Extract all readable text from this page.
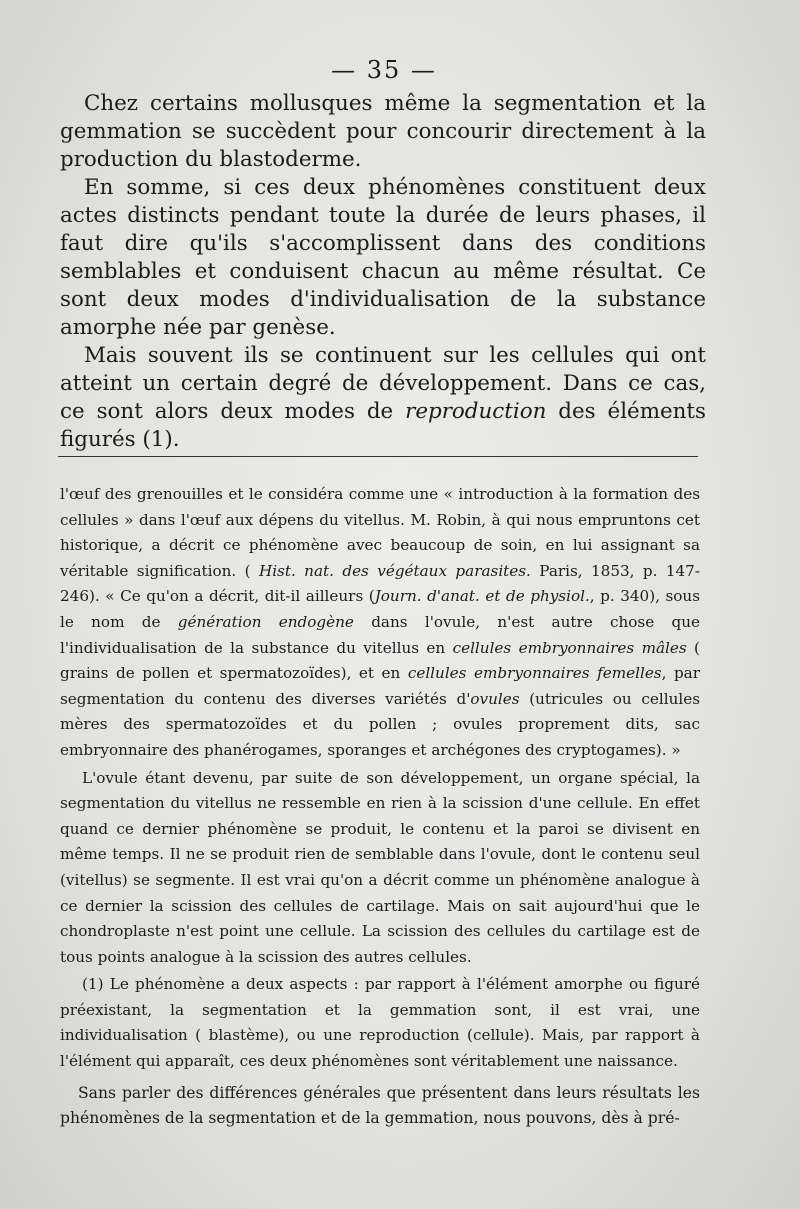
— 35 —

Chez certains mollusques même la segmentation et la gemmation se succèdent pour concourir directement à la production du blastoderme.

En somme, si ces deux phénomènes constituent deux actes distincts pendant toute la durée de leurs phases, il faut dire qu'ils s'accomplissent dans des conditions semblables et conduisent chacun au même résultat. Ce sont deux modes d'individualisation de la substance amorphe née par genèse.

Mais souvent ils se continuent sur les cellules qui ont atteint un certain degré de développement. Dans ce cas, ce sont alors deux modes de reproduction des éléments figurés (1).

l'œuf des grenouilles et le considéra comme une « introduction à la formation des cellules » dans l'œuf aux dépens du vitellus. M. Robin, à qui nous empruntons cet historique, a décrit ce phénomène avec beaucoup de soin, en lui assignant sa véritable signification. ( Hist. nat. des végétaux parasites. Paris, 1853, p. 147-246). « Ce qu'on a décrit, dit-il ailleurs (Journ. d'anat. et de physiol., p. 340), sous le nom de génération endogène dans l'ovule, n'est autre chose que l'individualisation de la substance du vitellus en cellules embryonnaires mâles ( grains de pollen et spermatozoïdes), et en cellules embryonnaires femelles, par segmentation du contenu des diverses variétés d'ovules (utricules ou cellules mères des spermatozoïdes et du pollen ; ovules proprement dits, sac embryonnaire des phanérogames, sporanges et archégones des cryptogames). »

L'ovule étant devenu, par suite de son développement, un organe spécial, la segmentation du vitellus ne ressemble en rien à la scission d'une cellule. En effet quand ce dernier phénomène se produit, le contenu et la paroi se divisent en même temps. Il ne se produit rien de semblable dans l'ovule, dont le contenu seul (vitellus) se segmente. Il est vrai qu'on a décrit comme un phénomène analogue à ce dernier la scission des cellules de cartilage. Mais on sait aujourd'hui que le chondroplaste n'est point une cellule. La scission des cellules du cartilage est de tous points analogue à la scission des autres cellules.

(1) Le phénomène a deux aspects : par rapport à l'élément amorphe ou figuré préexistant, la segmentation et la gemmation sont, il est vrai, une individualisation ( blastème), ou une reproduction (cellule). Mais, par rapport à l'élément qui apparaît, ces deux phénomènes sont véritablement une naissance.

Sans parler des différences générales que présentent dans leurs résultats les phénomènes de la segmentation et de la gemmation, nous pouvons, dès à pré-
